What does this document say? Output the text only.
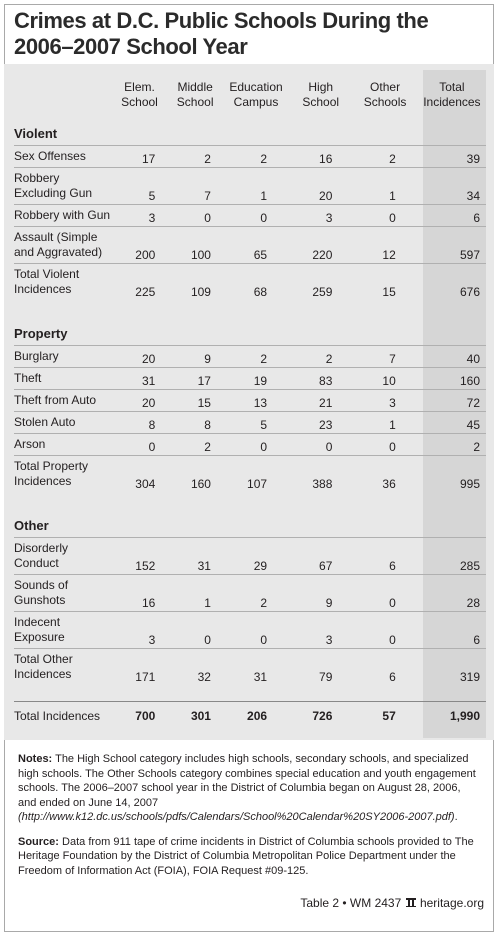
Crimes at D.C. Public Schools During the 2006–2007 School Year
	Elem. School	Middle School	Education Campus	High School	Other Schools	Total Incidences
Violent						
Sex Offenses	17	2	2	16	2	39
Robbery Excluding Gun	5	7	1	20	1	34
Robbery with Gun	3	0	0	3	0	6
Assault (Simple and Aggravated)	200	100	65	220	12	597
Total Violent Incidences	225	109	68	259	15	676

Property						
Burglary	20	9	2	2	7	40
Theft	31	17	19	83	10	160
Theft from Auto	20	15	13	21	3	72
Stolen Auto	8	8	5	23	1	45
Arson	0	2	0	0	0	2
Total Property Incidences	304	160	107	388	36	995

Other						
Disorderly Conduct	152	31	29	67	6	285
Sounds of Gunshots	16	1	2	9	0	28
Indecent Exposure	3	0	0	3	0	6
Total Other Incidences	171	32	31	79	6	319

Total Incidences	700	301	206	726	57	1,990

Notes: The High School category includes high schools, secondary schools, and specialized high schools. The Other Schools category combines special education and youth engagement schools. The 2006–2007 school year in the District of Columbia began on August 28, 2006, and ended on June 14, 2007 (http://www.k12.dc.us/schools/pdfs/Calendars/School%20Calendar%20SY2006-2007.pdf).

Source: Data from 911 tape of crime incidents in District of Columbia schools provided to The Heritage Foundation by the District of Columbia Metropolitan Police Department under the Freedom of Information Act (FOIA), FOIA Request #09-125.

Table 2 • WM 2437 heritage.org
